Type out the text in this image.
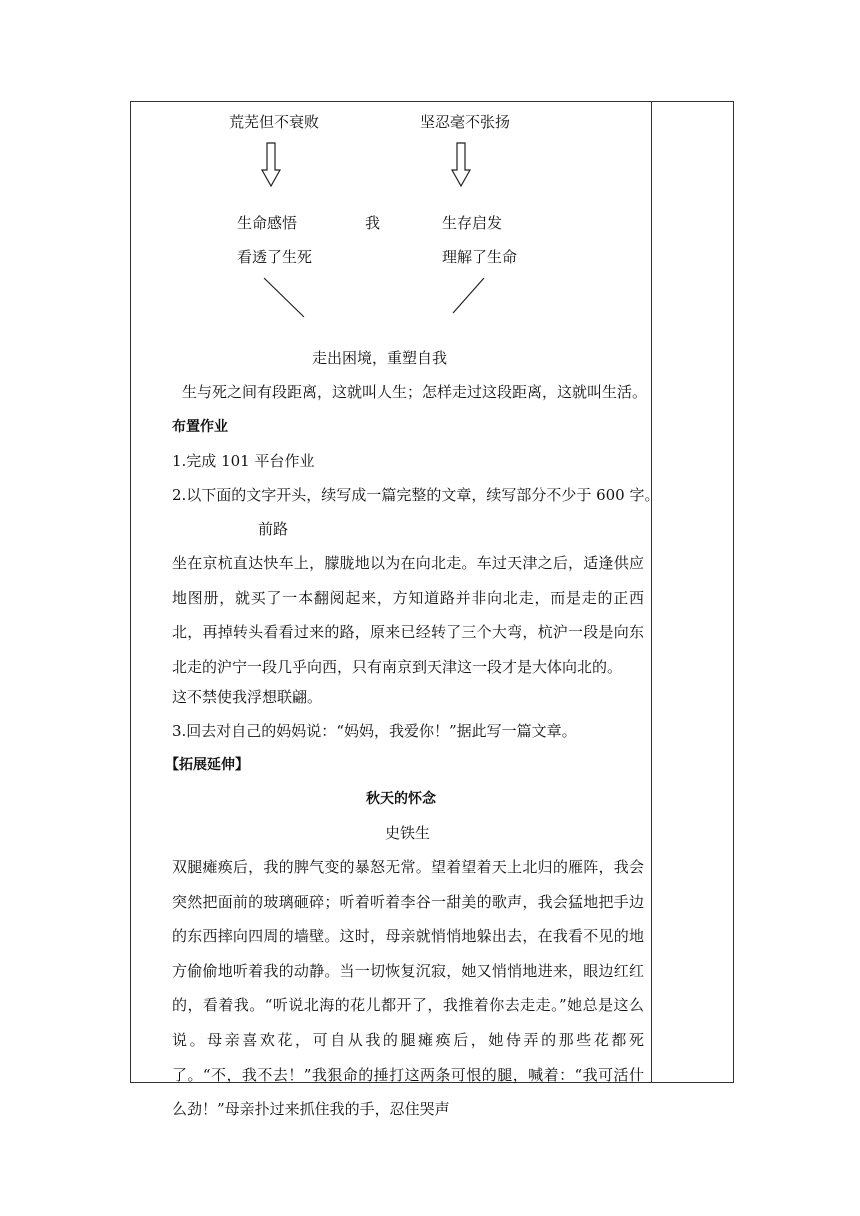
荒芜但不衰败	坚忍毫不张扬
生命感悟	我	生存启发
看透了生死	理解了生命
走出困境，重塑自我
生与死之间有段距离，这就叫人生；怎样走过这段距离，这就叫生活。
布置作业
1.完成 101 平台作业
2.以下面的文字开头，续写成一篇完整的文章，续写部分不少于 600 字。
前路
坐在京杭直达快车上，朦胧地以为在向北走。车过天津之后，适逢供应地图册，就买了一本翻阅起来，方知道路并非向北走，而是走的正西北，再掉转头看看过来的路，原来已经转了三个大弯，杭沪一段是向东北走的沪宁一段几乎向西，只有南京到天津这一段才是大体向北的。
这不禁使我浮想联翩。
3.回去对自己的妈妈说：“妈妈，我爱你！”据此写一篇文章。
【拓展延伸】
秋天的怀念
史铁生
双腿瘫痪后，我的脾气变的暴怒无常。望着望着天上北归的雁阵，我会突然把面前的玻璃砸碎；听着听着李谷一甜美的歌声，我会猛地把手边的东西摔向四周的墙壁。这时，母亲就悄悄地躲出去，在我看不见的地方偷偷地听着我的动静。当一切恢复沉寂，她又悄悄地进来，眼边红红的，看着我。“听说北海的花儿都开了，我推着你去走走。”她总是这么说。母亲喜欢花，可自从我的腿瘫痪后，她侍弄的那些花都死了。“不，我不去！”我狠命的捶打这两条可恨的腿，喊着：“我可活什么劲！”母亲扑过来抓住我的手，忍住哭声
